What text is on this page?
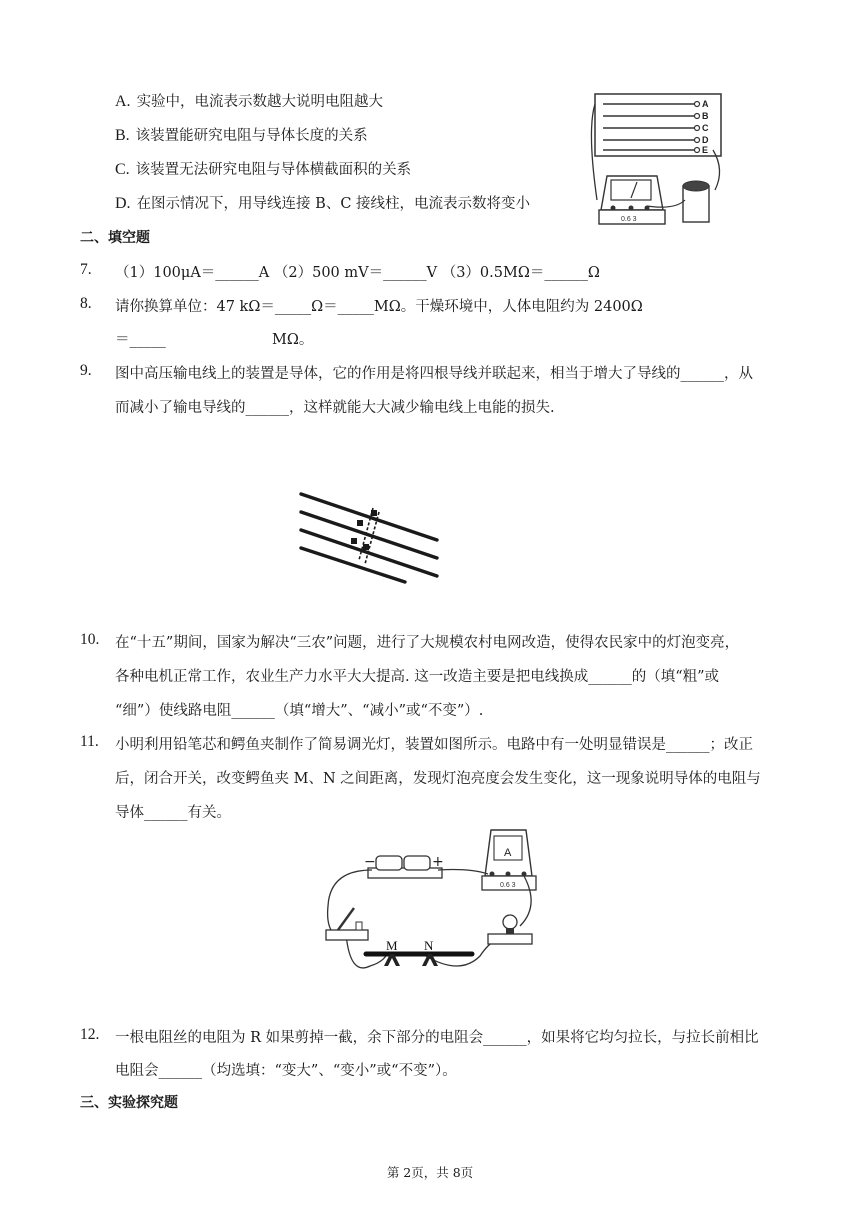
A. 实验中，电流表示数越大说明电阻越大
B. 该装置能研究电阻与导体长度的关系
C. 该装置无法研究电阻与导体横截面积的关系
D. 在图示情况下，用导线连接 B、C 接线柱，电流表示数将变小
A
B
C
D
E
0.6 3
二、填空题
7. （1）100μA＝______A （2）500 mV＝______V （3）0.5MΩ＝______Ω
8. 请你换算单位：47 kΩ＝_____Ω＝_____MΩ。干燥环境中，人体电阻约为 2400Ω
＝_____	MΩ。
9. 图中高压输电线上的装置是导体，它的作用是将四根导线并联起来，相当于增大了导线的______，从
而减小了输电导线的______，这样就能大大减少输电线上电能的损失.
10. 在“十五”期间，国家为解决“三农”问题，进行了大规模农村电网改造，使得农民家中的灯泡变亮，
各种电机正常工作，农业生产力水平大大提高. 这一改造主要是把电线换成______的（填“粗”或
“细”）使线路电阻______（填“增大”、“减小”或“不变”）.
11. 小明利用铅笔芯和鳄鱼夹制作了简易调光灯，装置如图所示。电路中有一处明显错误是______；改正
后，闭合开关，改变鳄鱼夹 M、N 之间距离，发现灯泡亮度会发生变化，这一现象说明导体的电阻与
导体______有关。
−	+
A
0.6 3
M N
12. 一根电阻丝的电阻为 R 如果剪掉一截，余下部分的电阻会______，如果将它均匀拉长，与拉长前相比
电阻会______（均选填：“变大”、“变小”或“不变”）。
三、实验探究题
第 2页，共 8页
